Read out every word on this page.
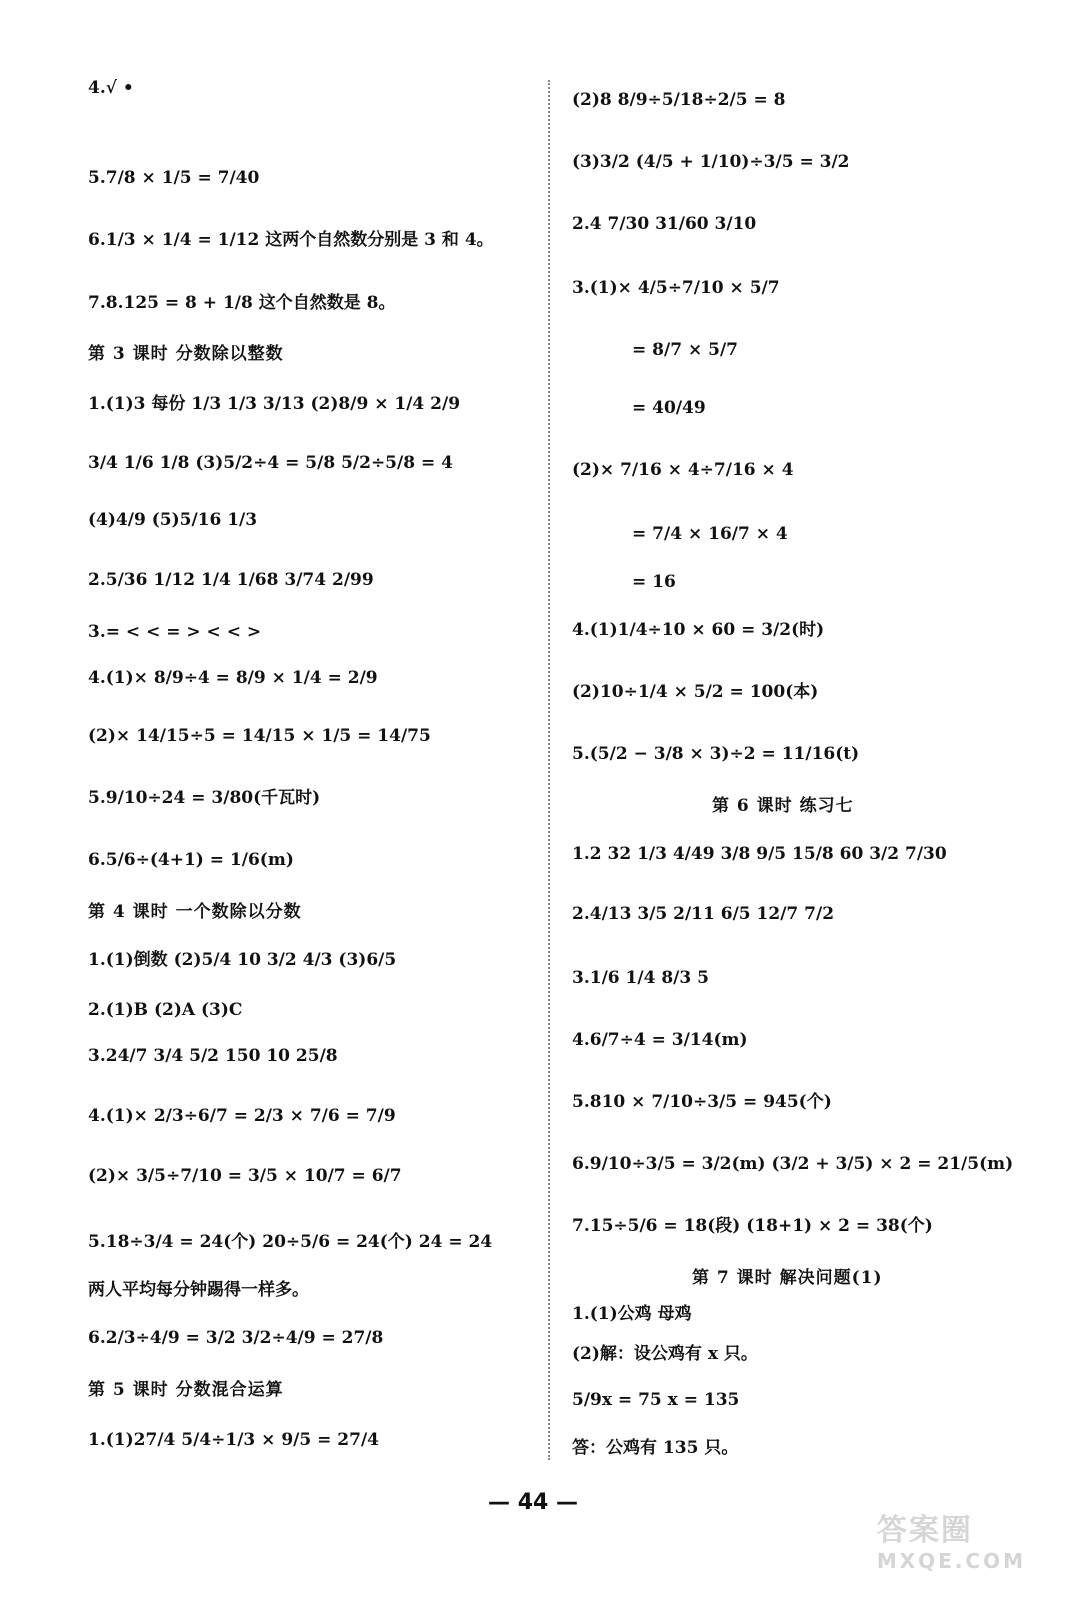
4.√ •
5.7/8 × 1/5 = 7/40
6.1/3 × 1/4 = 1/12 这两个自然数分别是 3 和 4。
7.8.125 = 8 + 1/8 这个自然数是 8。
第 3 课时 分数除以整数
1.(1)3 每份 1/3 1/3 3/13 (2)8/9 × 1/4 2/9
3/4 1/6 1/8 (3)5/2÷4 = 5/8 5/2÷5/8 = 4
(4)4/9 (5)5/16 1/3
2.5/36 1/12 1/4 1/68 3/74 2/99
3.= < < = > < < >
4.(1)× 8/9÷4 = 8/9 × 1/4 = 2/9
(2)× 14/15÷5 = 14/15 × 1/5 = 14/75
5.9/10÷24 = 3/80(千瓦时)
6.5/6÷(4+1) = 1/6(m)
第 4 课时 一个数除以分数
1.(1)倒数 (2)5/4 10 3/2 4/3 (3)6/5
2.(1)B (2)A (3)C
3.24/7 3/4 5/2 150 10 25/8
4.(1)× 2/3÷6/7 = 2/3 × 7/6 = 7/9
(2)× 3/5÷7/10 = 3/5 × 10/7 = 6/7
5.18÷3/4 = 24(个) 20÷5/6 = 24(个) 24 = 24
两人平均每分钟踢得一样多。
6.2/3÷4/9 = 3/2 3/2÷4/9 = 27/8
第 5 课时 分数混合运算
1.(1)27/4 5/4÷1/3 × 9/5 = 27/4
(2)8 8/9÷5/18÷2/5 = 8
(3)3/2 (4/5 + 1/10)÷3/5 = 3/2
2.4 7/30 31/60 3/10
3.(1)× 4/5÷7/10 × 5/7
= 8/7 × 5/7
= 40/49
(2)× 7/16 × 4÷7/16 × 4
= 7/4 × 16/7 × 4
= 16
4.(1)1/4÷10 × 60 = 3/2(时)
(2)10÷1/4 × 5/2 = 100(本)
5.(5/2 − 3/8 × 3)÷2 = 11/16(t)
第 6 课时 练习七
1.2 32 1/3 4/49 3/8 9/5 15/8 60 3/2 7/30
2.4/13 3/5 2/11 6/5 12/7 7/2
3.1/6 1/4 8/3 5
4.6/7÷4 = 3/14(m)
5.810 × 7/10÷3/5 = 945(个)
6.9/10÷3/5 = 3/2(m) (3/2 + 3/5) × 2 = 21/5(m)
7.15÷5/6 = 18(段) (18+1) × 2 = 38(个)
第 7 课时 解决问题(1)
1.(1)公鸡 母鸡
(2)解：设公鸡有 x 只。
5/9x = 75 x = 135
答：公鸡有 135 只。
— 44 —
答案圈
MXQE.COM
